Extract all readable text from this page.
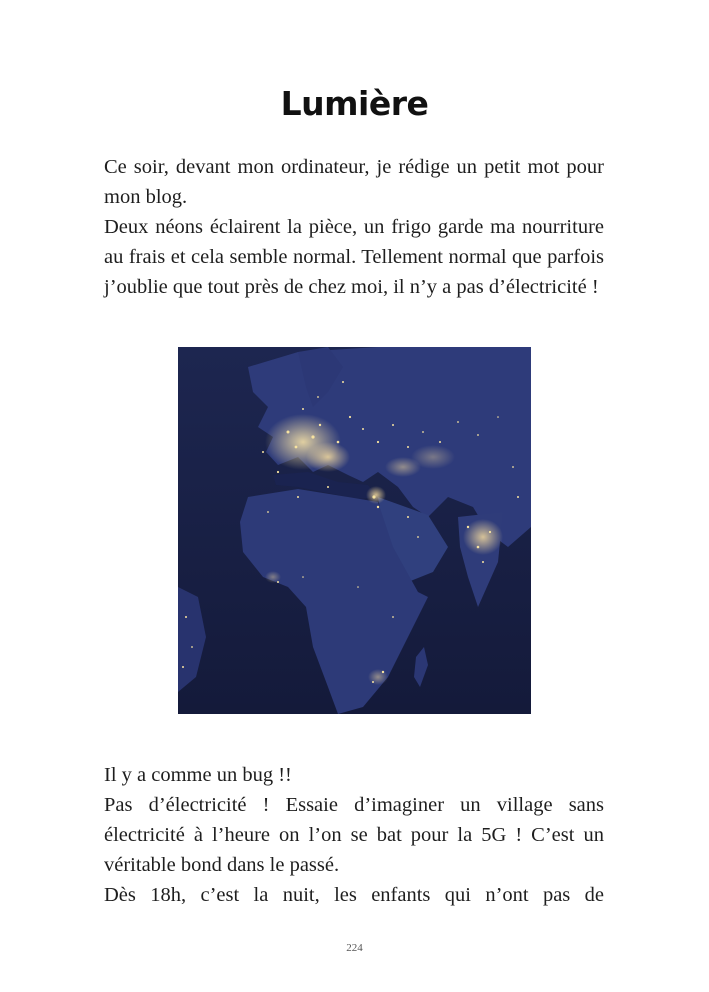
Lumière

Ce soir, devant mon ordinateur, je rédige un petit mot pour mon blog.

Deux néons éclairent la pièce, un frigo garde ma nourriture au frais et cela semble normal. Tellement normal que parfois j’oublie que tout près de chez moi, il n’y a pas d’électricité !

Il y a comme un bug !!

Pas d’électricité ! Essaie d’imaginer un village sans électricité à l’heure on l’on se bat pour la 5G ! C’est un véritable bond dans le passé.

Dès 18h, c’est la nuit, les enfants qui n’ont pas de

224
